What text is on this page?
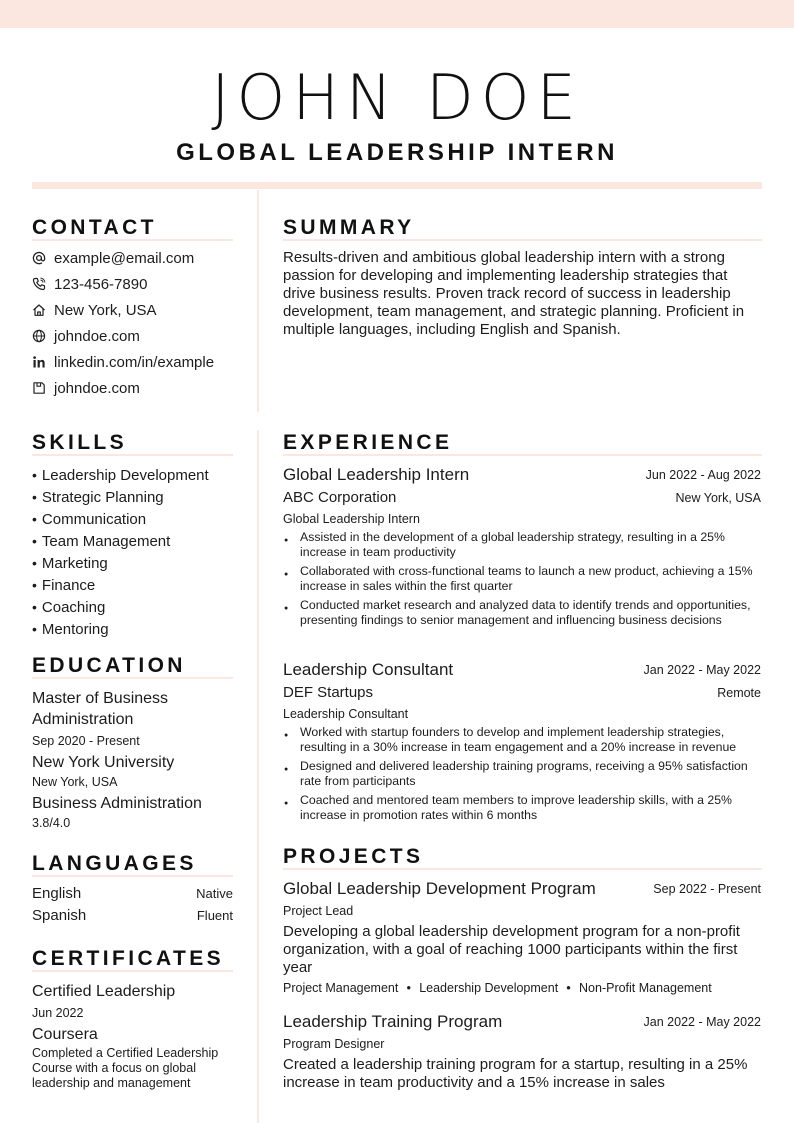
JOHN DOE
GLOBAL LEADERSHIP INTERN
CONTACT
example@email.com
123-456-7890
New York, USA
johndoe.com
linkedin.com/in/example
johndoe.com
SUMMARY
Results-driven and ambitious global leadership intern with a strong passion for developing and implementing leadership strategies that drive business results. Proven track record of success in leadership development, team management, and strategic planning. Proficient in multiple languages, including English and Spanish.
SKILLS
• Leadership Development
• Strategic Planning
• Communication
• Team Management
• Marketing
• Finance
• Coaching
• Mentoring
EDUCATION
Master of Business Administration
Sep 2020 - Present
New York University
New York, USA
Business Administration
3.8/4.0
LANGUAGES
English	Native
Spanish	Fluent
CERTIFICATES
Certified Leadership
Jun 2022
Coursera
Completed a Certified Leadership Course with a focus on global leadership and management
EXPERIENCE
Global Leadership Intern	Jun 2022 - Aug 2022
ABC Corporation	New York, USA
Global Leadership Intern
● Assisted in the development of a global leadership strategy, resulting in a 25% increase in team productivity
● Collaborated with cross-functional teams to launch a new product, achieving a 15% increase in sales within the first quarter
● Conducted market research and analyzed data to identify trends and opportunities, presenting findings to senior management and influencing business decisions
Leadership Consultant	Jan 2022 - May 2022
DEF Startups	Remote
Leadership Consultant
● Worked with startup founders to develop and implement leadership strategies, resulting in a 30% increase in team engagement and a 20% increase in revenue
● Designed and delivered leadership training programs, receiving a 95% satisfaction rate from participants
● Coached and mentored team members to improve leadership skills, with a 25% increase in promotion rates within 6 months
PROJECTS
Global Leadership Development Program	Sep 2022 - Present
Project Lead
Developing a global leadership development program for a non-profit organization, with a goal of reaching 1000 participants within the first year
Project Management ● Leadership Development ● Non-Profit Management
Leadership Training Program	Jan 2022 - May 2022
Program Designer
Created a leadership training program for a startup, resulting in a 25% increase in team productivity and a 15% increase in sales
